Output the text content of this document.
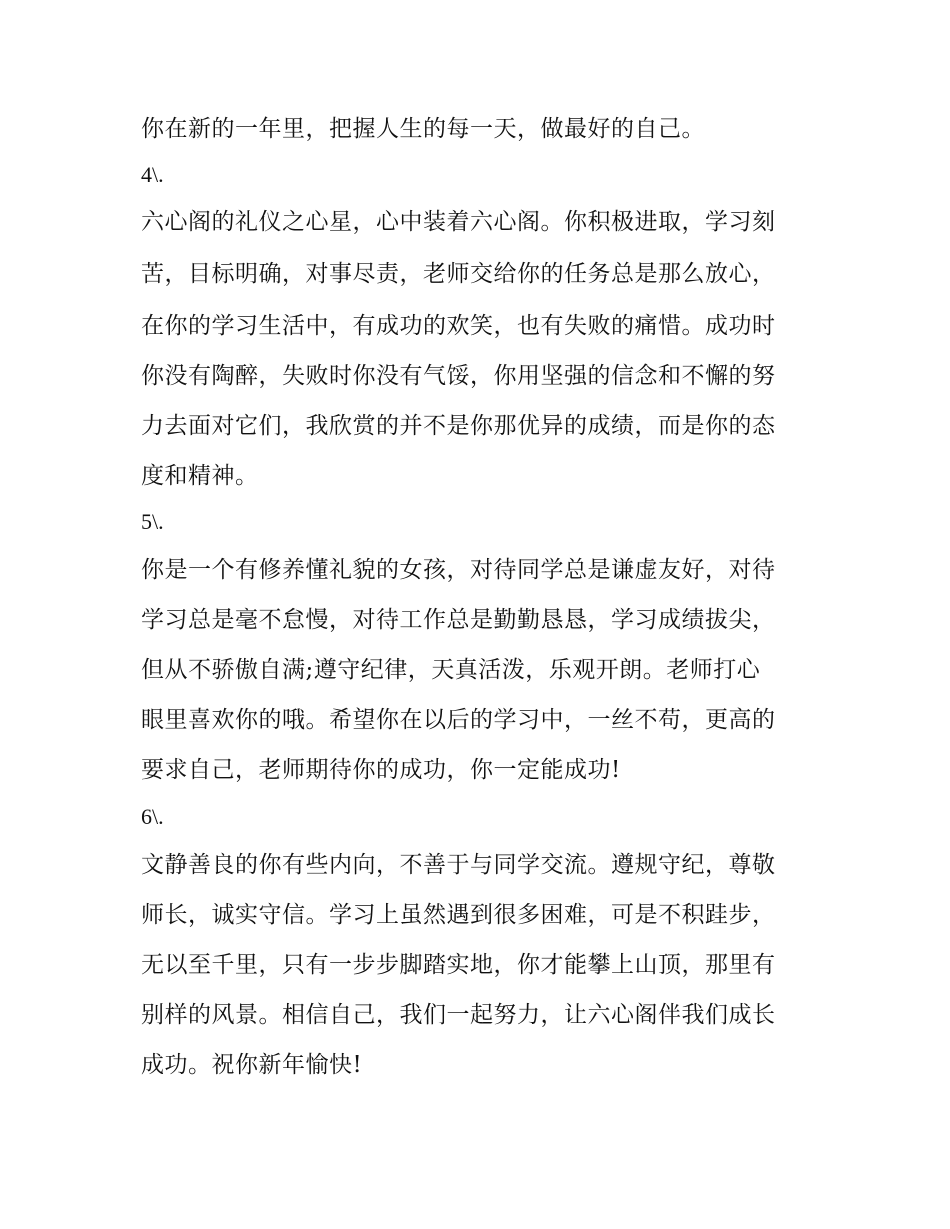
你在新的一年里，把握人生的每一天，做最好的自己。
4\.
六心阁的礼仪之心星，心中装着六心阁。你积极进取，学习刻
苦，目标明确，对事尽责，老师交给你的任务总是那么放心，
在你的学习生活中，有成功的欢笑，也有失败的痛惜。成功时
你没有陶醉，失败时你没有气馁，你用坚强的信念和不懈的努
力去面对它们，我欣赏的并不是你那优异的成绩，而是你的态
度和精神。
5\.
你是一个有修养懂礼貌的女孩，对待同学总是谦虚友好，对待
学习总是毫不怠慢，对待工作总是勤勤恳恳，学习成绩拔尖，
但从不骄傲自满;遵守纪律，天真活泼，乐观开朗。老师打心
眼里喜欢你的哦。希望你在以后的学习中，一丝不苟，更高的
要求自己，老师期待你的成功，你一定能成功!
6\.
文静善良的你有些内向，不善于与同学交流。遵规守纪，尊敬
师长，诚实守信。学习上虽然遇到很多困难，可是不积跬步，
无以至千里，只有一步步脚踏实地，你才能攀上山顶，那里有
别样的风景。相信自己，我们一起努力，让六心阁伴我们成长
成功。祝你新年愉快!
